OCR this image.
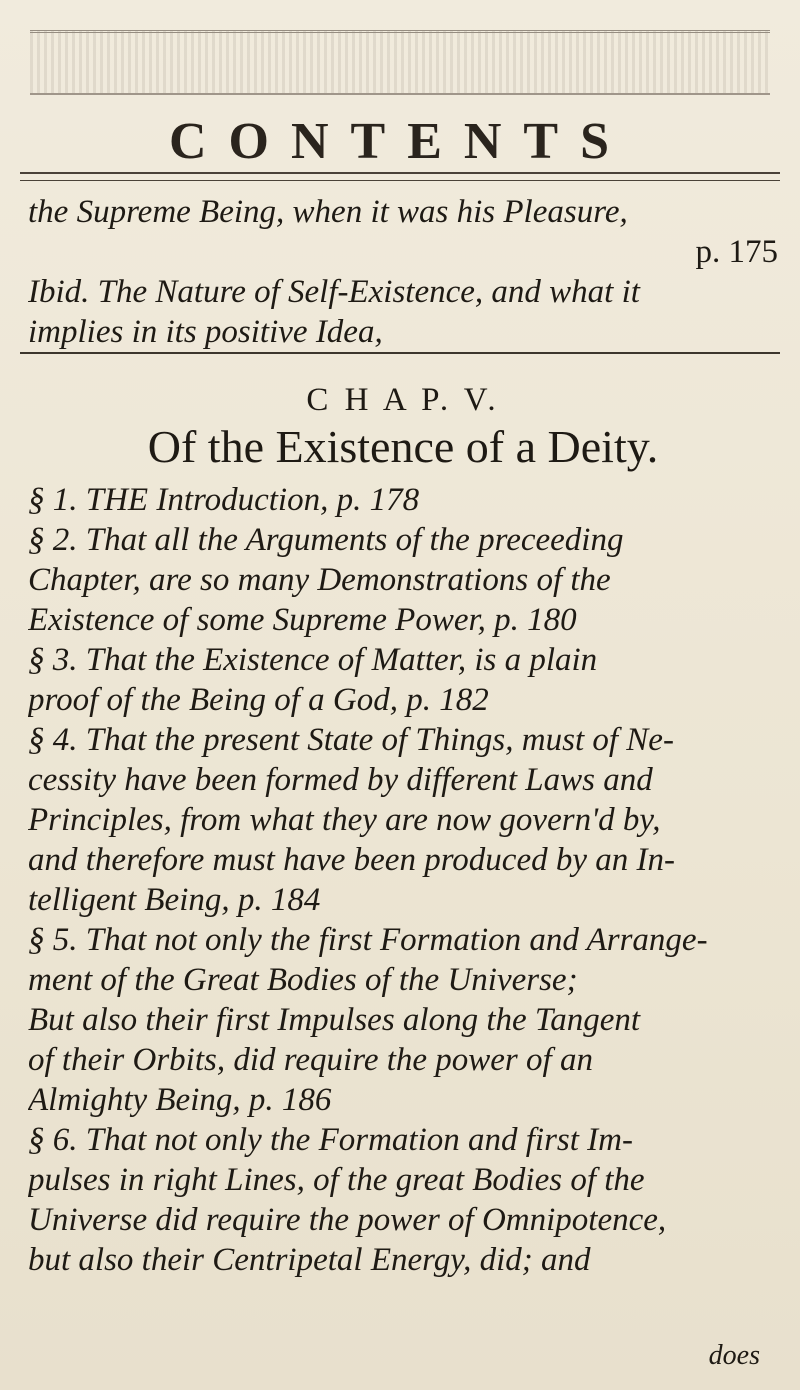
CONTENTS
the Supreme Being, when it was his Pleasure,
p. 175
Ibid. The Nature of Self-Existence, and what it
implies in its positive Idea,
C H A P. V.
Of the Existence of a Deity.
§ 1. THE Introduction, p. 178
§ 2. That all the Arguments of the preceeding
Chapter, are so many Demonstrations of the
Existence of some Supreme Power, p. 180
§ 3. That the Existence of Matter, is a plain
proof of the Being of a God, p. 182
§ 4. That the present State of Things, must of Ne-
cessity have been formed by different Laws and
Principles, from what they are now govern'd by,
and therefore must have been produced by an In-
telligent Being, p. 184
§ 5. That not only the first Formation and Arrange-
ment of the Great Bodies of the Universe;
But also their first Impulses along the Tangent
of their Orbits, did require the power of an
Almighty Being, p. 186
§ 6. That not only the Formation and first Im-
pulses in right Lines, of the great Bodies of the
Universe did require the power of Omnipotence,
but also their Centripetal Energy, did; and
does
